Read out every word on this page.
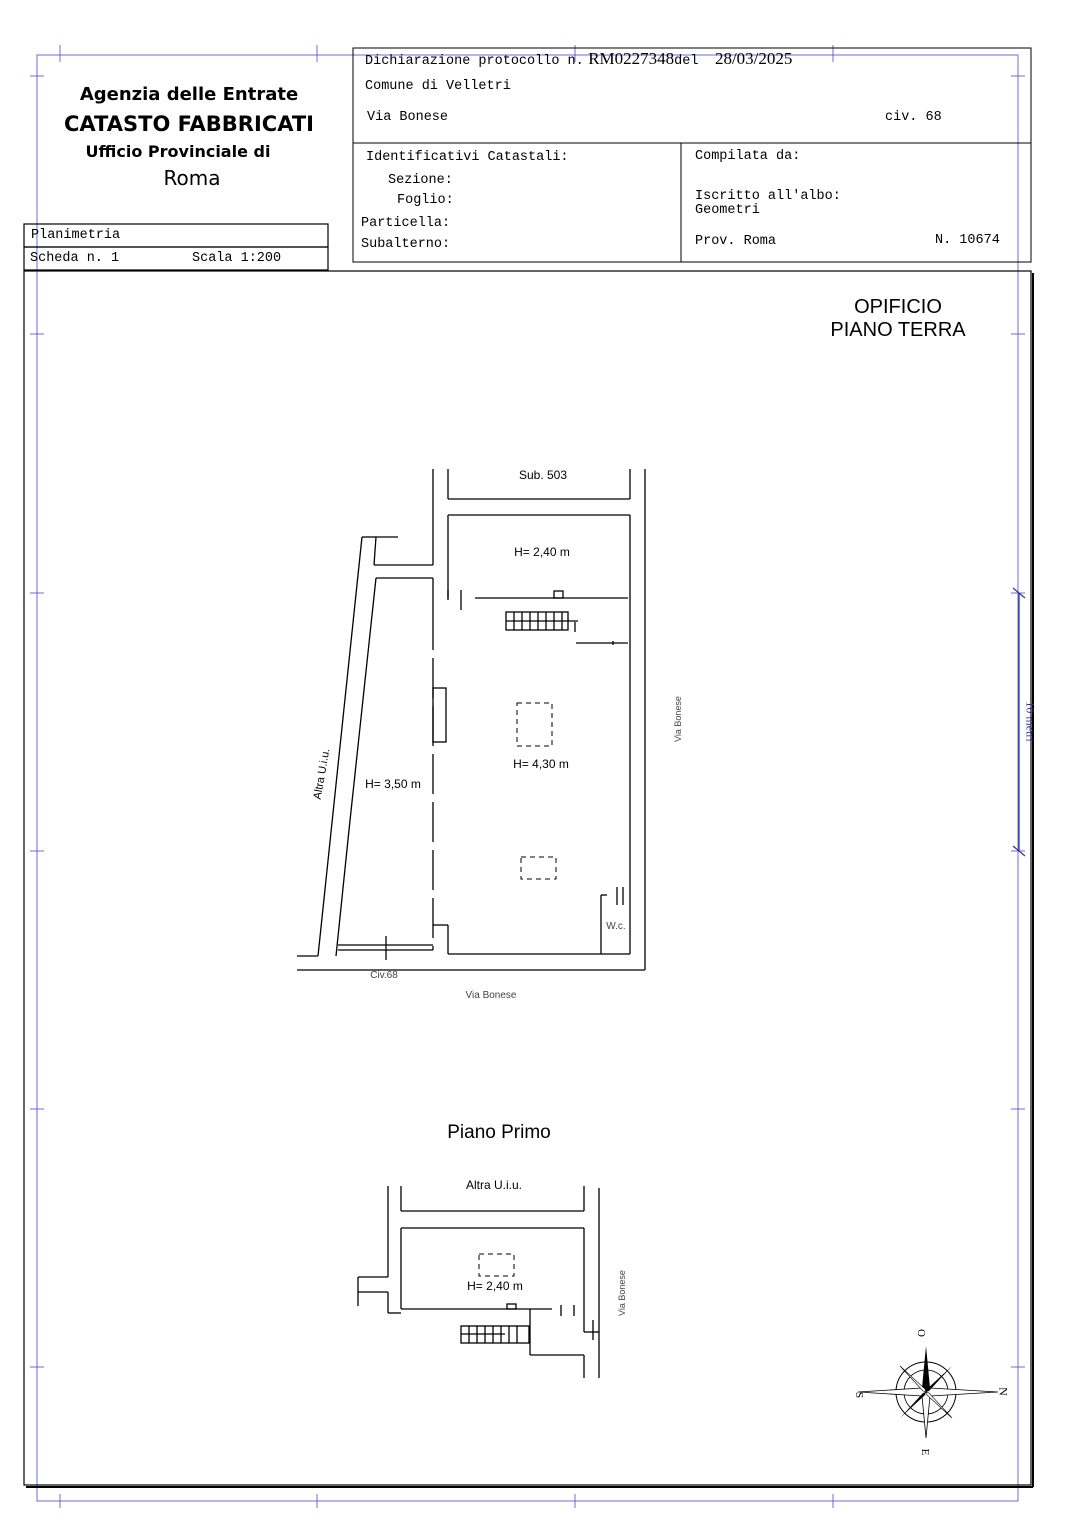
Agenzia delle Entrate
CATASTO FABBRICATI
Ufficio Provinciale di
Roma
Planimetria
Scheda n. 1	Scala 1:200
Dichiarazione protocollo n. RM0227348del 28/03/2025
Comune di Velletri
Via Bonese	civ. 68
Identificativi Catastali:
Sezione:
Foglio:
Particella:
Subalterno:
Compilata da:
Iscritto all'albo:
Geometri
Prov. Roma	N. 10674
OPIFICIO
PIANO TERRA
Sub. 503
H= 2,40 m
H= 4,30 m
H= 3,50 m
Altra U.i.u.
Via Bonese
Via Bonese
Civ.68
W.c.
Piano Primo
Altra U.i.u.
H= 2,40 m	Via Bonese
10 metri
O
N
S
E
